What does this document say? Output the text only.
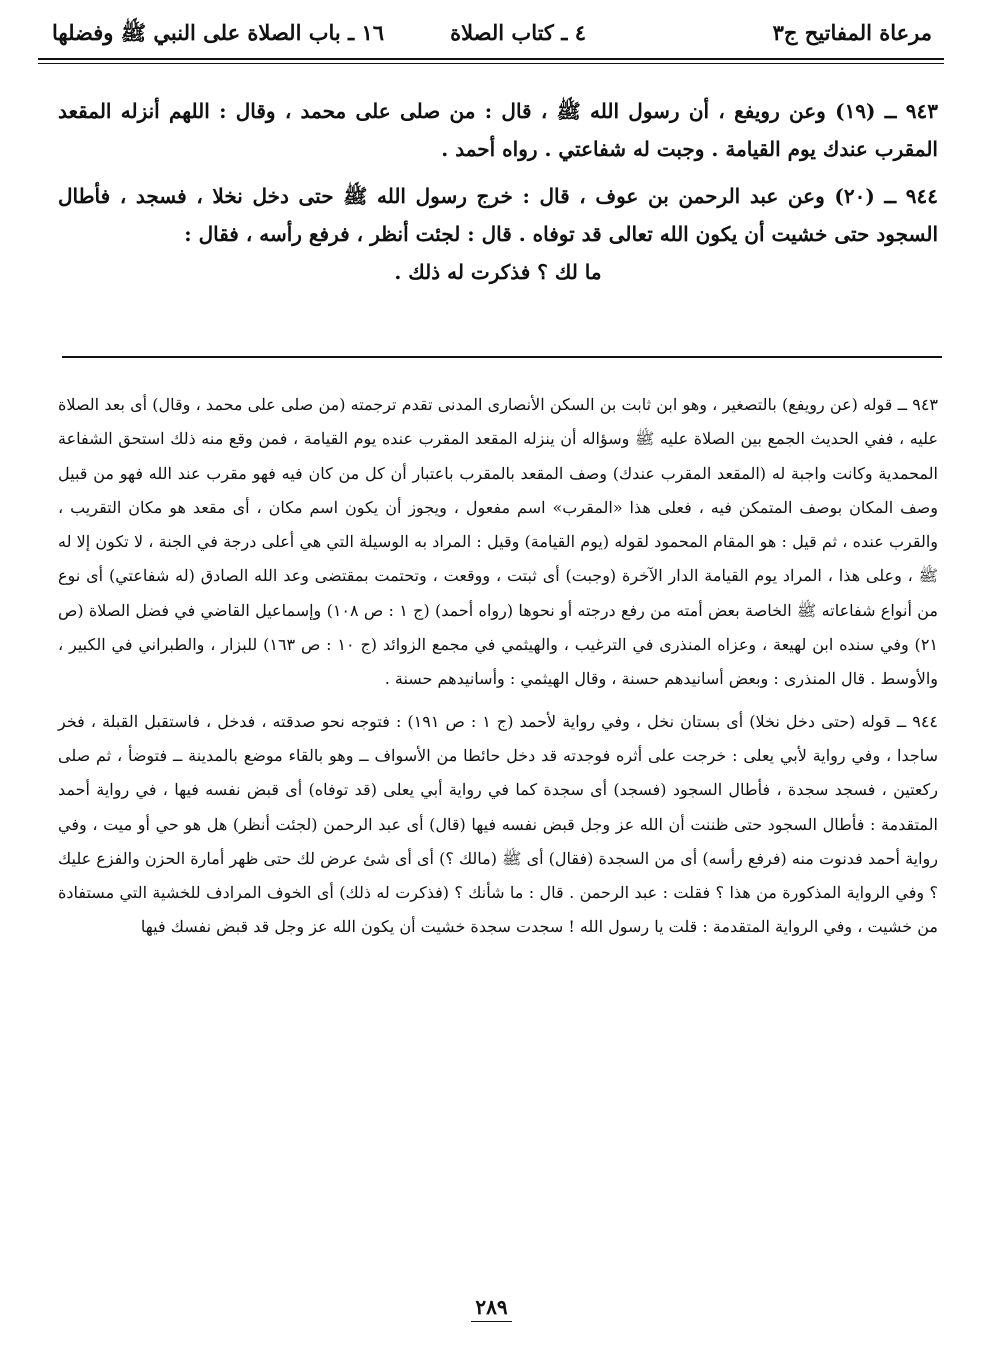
مرعاة المفاتيح ج٣
٤ ـ كتاب الصلاة
١٦ ـ باب الصلاة على النبي ﷺ وفضلها

٩٤٣ ــ (١٩) وعن رويفع ، أن رسول الله ﷺ ، قال : من صلى على محمد ، وقال : اللهم أنزله المقعد المقرب عندك يوم القيامة . وجبت له شفاعتي . رواه أحمد .

٩٤٤ ــ (٢٠) وعن عبد الرحمن بن عوف ، قال : خرج رسول الله ﷺ حتى دخل نخلا ، فسجد ، فأطال السجود حتى خشيت أن يكون الله تعالى قد توفاه . قال : لجئت أنظر ، فرفع رأسه ، فقال :

ما لك ؟ فذكرت له ذلك .

٩٤٣ ــ قوله (عن رويفع) بالتصغير ، وهو ابن ثابت بن السكن الأنصارى المدنى تقدم ترجمته (من صلى على محمد ، وقال) أى بعد الصلاة عليه ، ففي الحديث الجمع بين الصلاة عليه ﷺ وسؤاله أن ينزله المقعد المقرب عنده يوم القيامة ، فمن وقع منه ذلك استحق الشفاعة المحمدية وكانت واجبة له (المقعد المقرب عندك) وصف المقعد بالمقرب باعتبار أن كل من كان فيه فهو مقرب عند الله فهو من قبيل وصف المكان بوصف المتمكن فيه ، فعلى هذا «المقرب» اسم مفعول ، ويجوز أن يكون اسم مكان ، أى مقعد هو مكان التقريب ، والقرب عنده ، ثم قيل : هو المقام المحمود لقوله (يوم القيامة) وقيل : المراد به الوسيلة التي هي أعلى درجة في الجنة ، لا تكون إلا له ﷺ ، وعلى هذا ، المراد يوم القيامة الدار الآخرة (وجبت) أى ثبتت ، ووقعت ، وتحتمت بمقتضى وعد الله الصادق (له شفاعتي) أى نوع من أنواع شفاعاته ﷺ الخاصة بعض أمته من رفع درجته أو نحوها (رواه أحمد) (ج ١ : ص ١٠٨) وإسماعيل القاضي في فضل الصلاة (ص ٢١) وفي سنده ابن لهيعة ، وعزاه المنذرى في الترغيب ، والهيثمي في مجمع الزوائد (ج ١٠ : ص ١٦٣) للبزار ، والطبراني في الكبير ، والأوسط . قال المنذرى : وبعض أسانيدهم حسنة ، وقال الهيثمي : وأسانيدهم حسنة .

٩٤٤ ــ قوله (حتى دخل نخلا) أى بستان نخل ، وفي رواية لأحمد (ج ١ : ص ١٩١) : فتوجه نحو صدقته ، فدخل ، فاستقبل القبلة ، فخر ساجدا ، وفي رواية لأبي يعلى : خرجت على أثره فوجدته قد دخل حائطا من الأسواف ــ وهو بالقاء موضع بالمدينة ــ فتوضأ ، ثم صلى ركعتين ، فسجد سجدة ، فأطال السجود (فسجد) أى سجدة كما في رواية أبي يعلى (قد توفاه) أى قبض نفسه فيها ، في رواية أحمد المتقدمة : فأطال السجود حتى ظننت أن الله عز وجل قبض نفسه فيها (قال) أى عبد الرحمن (لجئت أنظر) هل هو حي أو ميت ، وفي رواية أحمد فدنوت منه (فرفع رأسه) أى من السجدة (فقال) أى ﷺ (مالك ؟) أى أى شئ عرض لك حتى ظهر أمارة الحزن والفزع عليك ؟ وفي الرواية المذكورة من هذا ؟ فقلت : عبد الرحمن . قال : ما شأنك ؟ (فذكرت له ذلك) أى الخوف المرادف للخشية التي مستفادة من خشيت ، وفي الرواية المتقدمة : قلت يا رسول الله ! سجدت سجدة خشيت أن يكون الله عز وجل قد قبض نفسك فيها

٢٨٩
